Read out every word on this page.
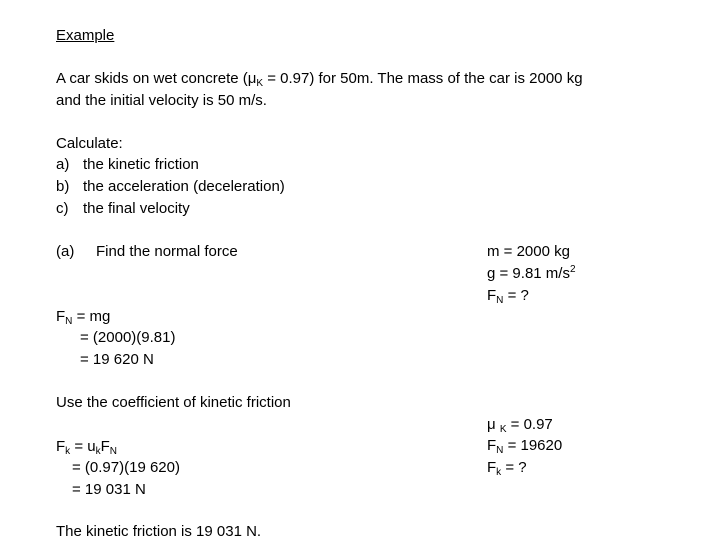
Example
A car skids on wet concrete $(\mu_K = 0.97)$ for 50m. The mass of the car is 2000 kg
and the initial velocity is 50 m/s.
Calculate:
a) the kinetic friction
b) the acceleration (deceleration)
c) the final velocity
(a) Find the normal force
$F_N$ = mg
= (2000)(9.81)
= 19 620 N
m = 2000 kg
g = 9.81 $m/s^2$
$F_N$ = ?
Use the coefficient of kinetic friction
$F_k = u_kF_N$
= (0.97)(19 620)
= 19 031 N
μ $_K$ = 0.97
$F_N = 19620$
$F_k$ = ?
The kinetic friction is 19 031 N.
